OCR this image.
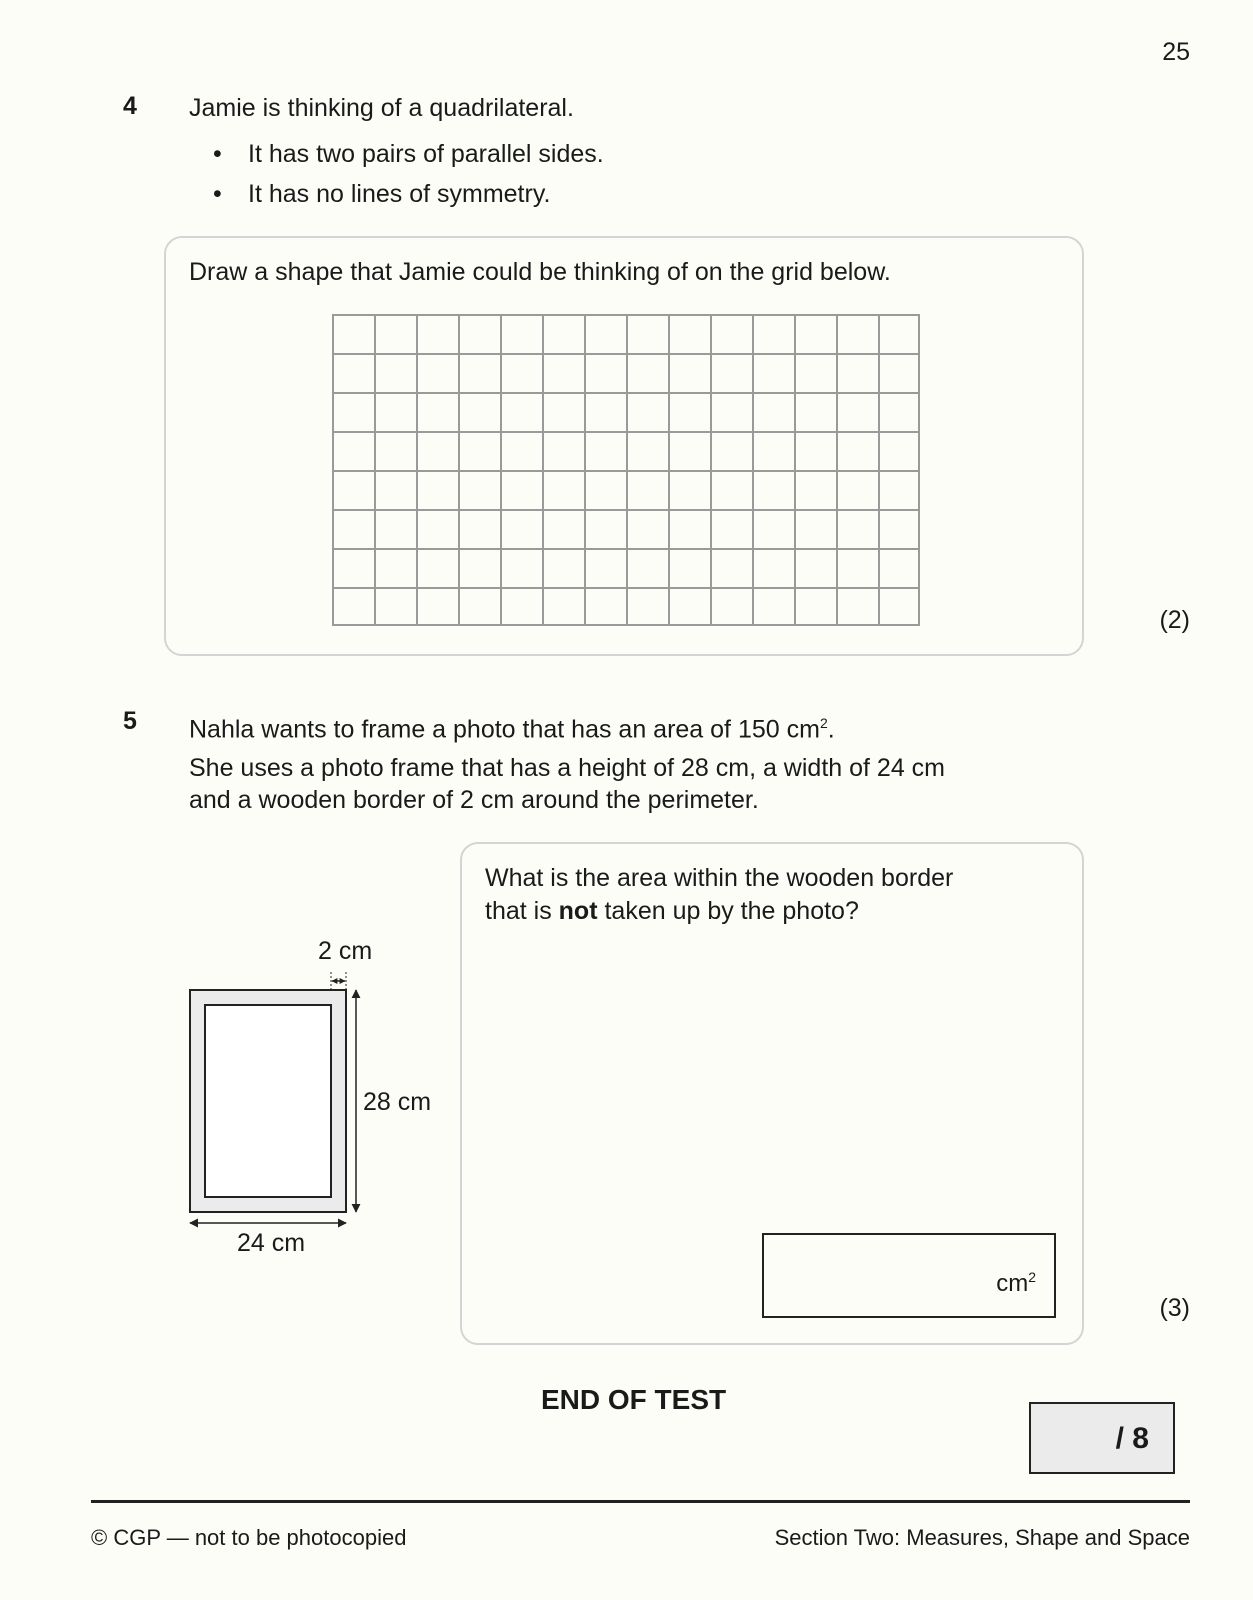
25
4 Jamie is thinking of a quadrilateral.
• It has two pairs of parallel sides.
• It has no lines of symmetry.
Draw a shape that Jamie could be thinking of on the grid below.
(2)
5 Nahla wants to frame a photo that has an area of 150 $cm^2$.
She uses a photo frame that has a height of 28 cm, a width of 24 cm
and a wooden border of 2 cm around the perimeter.
2 cm
28 cm
24 cm
What is the area within the wooden border
that is not taken up by the photo?
$cm^2$
(3)
END OF TEST
/ 8
© CGP — not to be photocopied	Section Two: Measures, Shape and Space
